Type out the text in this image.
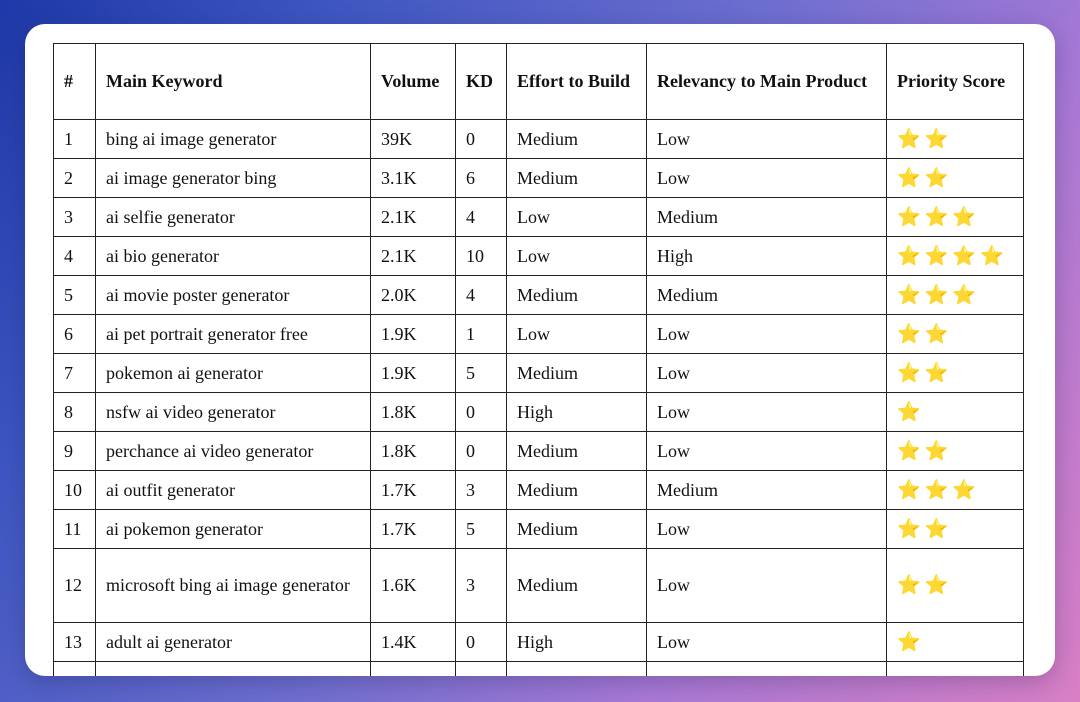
#	Main Keyword	Volume	KD	Effort to Build	Relevancy to Main Product	Priority Score
1	bing ai image generator	39K	0	Medium	Low	⭐⭐
2	ai image generator bing	3.1K	6	Medium	Low	⭐⭐
3	ai selfie generator	2.1K	4	Low	Medium	⭐⭐⭐
4	ai bio generator	2.1K	10	Low	High	⭐⭐⭐⭐
5	ai movie poster generator	2.0K	4	Medium	Medium	⭐⭐⭐
6	ai pet portrait generator free	1.9K	1	Low	Low	⭐⭐
7	pokemon ai generator	1.9K	5	Medium	Low	⭐⭐
8	nsfw ai video generator	1.8K	0	High	Low	⭐
9	perchance ai video generator	1.8K	0	Medium	Low	⭐⭐
10	ai outfit generator	1.7K	3	Medium	Medium	⭐⭐⭐
11	ai pokemon generator	1.7K	5	Medium	Low	⭐⭐
12	microsoft bing ai image generator	1.6K	3	Medium	Low	⭐⭐
13	adult ai generator	1.4K	0	High	Low	⭐
